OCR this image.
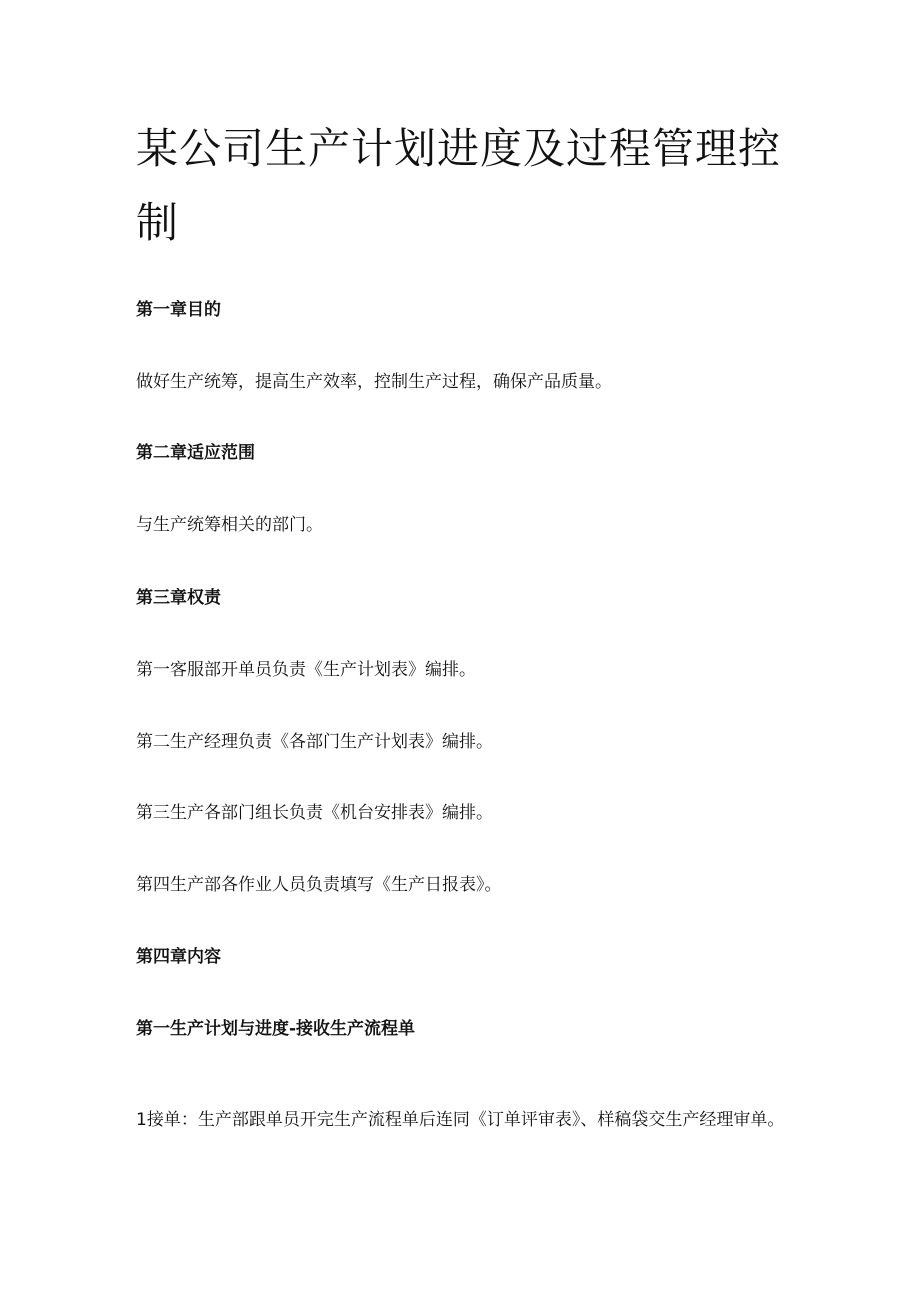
某公司生产计划进度及过程管理控制

第一章目的

做好生产统筹，提高生产效率，控制生产过程，确保产品质量。

第二章适应范围

与生产统筹相关的部门。

第三章权责

第一客服部开单员负责《生产计划表》编排。

第二生产经理负责《各部门生产计划表》编排。

第三生产各部门组长负责《机台安排表》编排。

第四生产部各作业人员负责填写《生产日报表》。

第四章内容

第一生产计划与进度-接收生产流程单

1接单：生产部跟单员开完生产流程单后连同《订单评审表》、样稿袋交生产经理审单。
